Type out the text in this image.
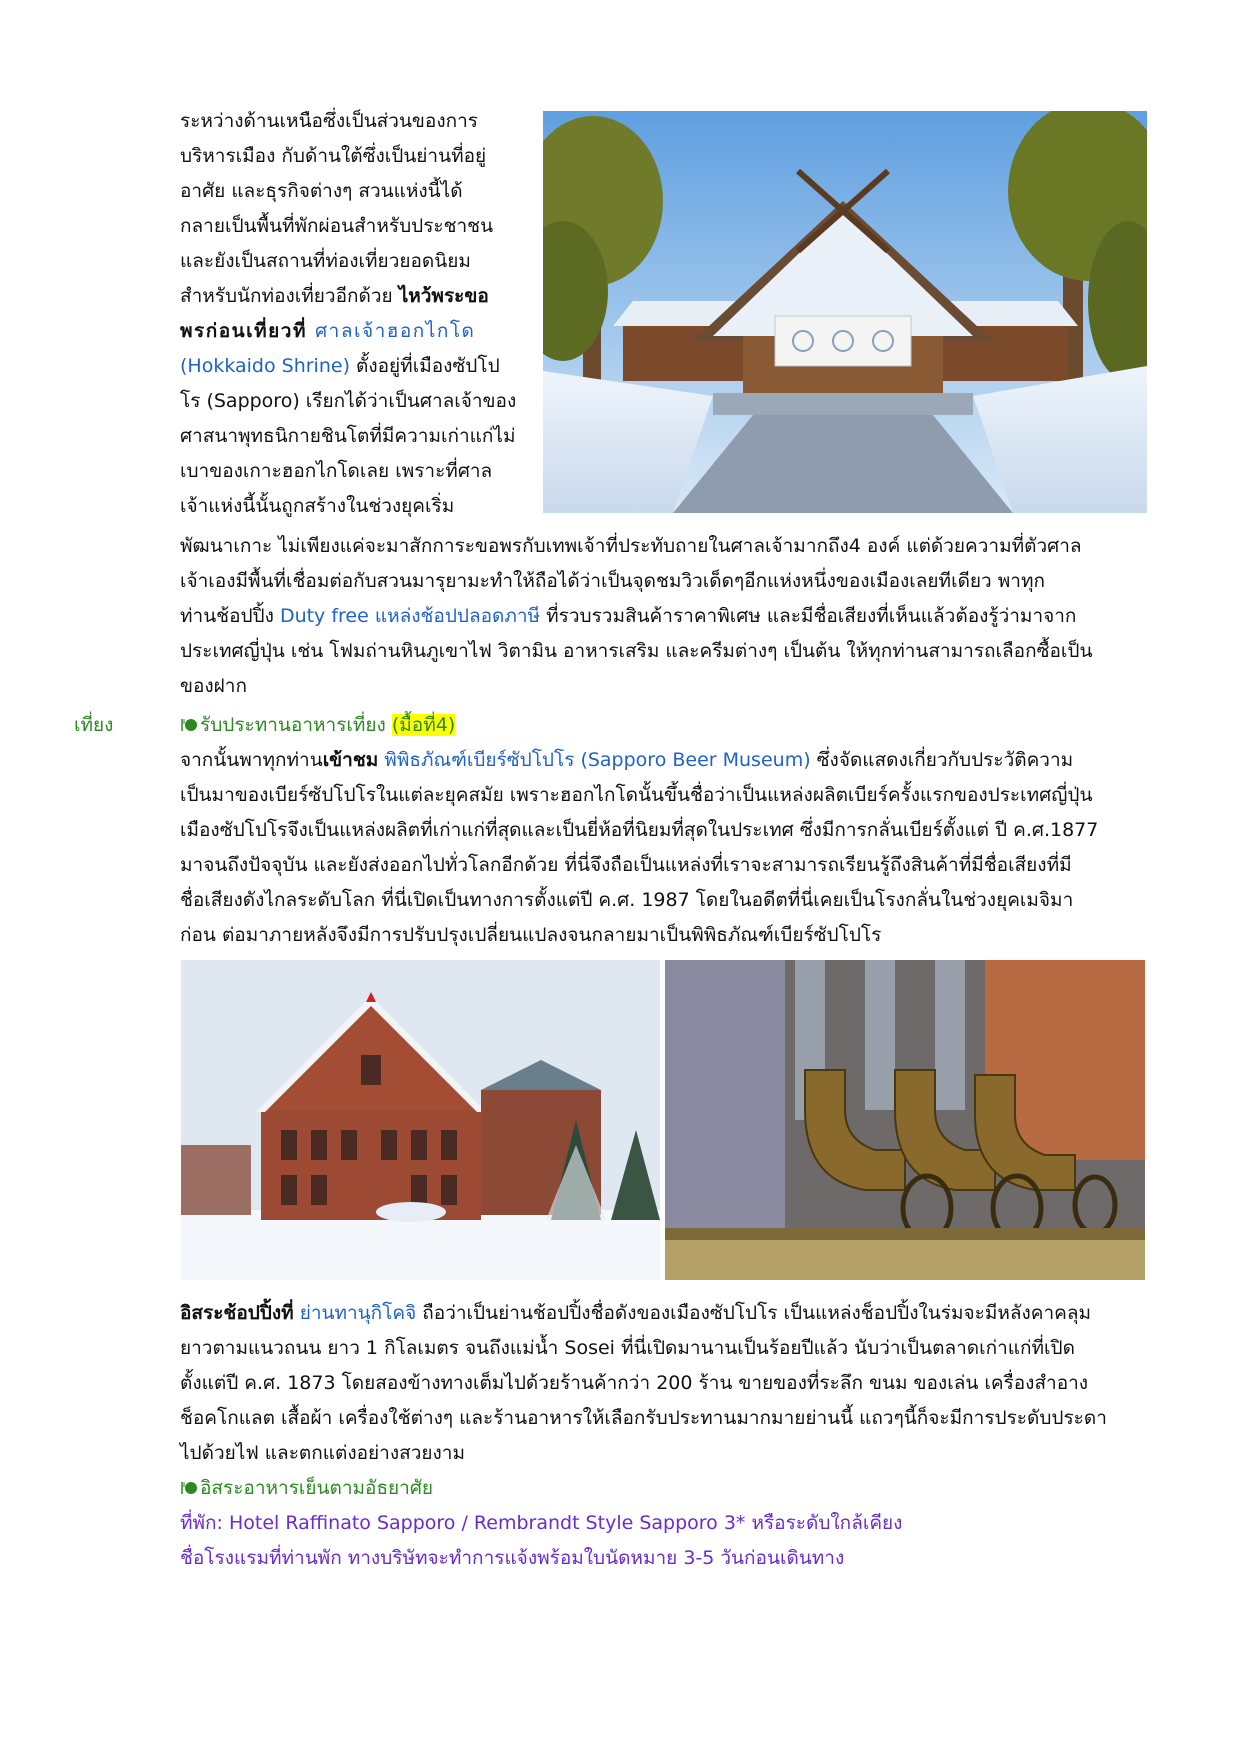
ระหว่างด้านเหนือซึ่งเป็นส่วนของการ
บริหารเมือง กับด้านใต้ซึ่งเป็นย่านที่อยู่
อาศัย และธุรกิจต่างๆ สวนแห่งนี้ได้
กลายเป็นพื้นที่พักผ่อนสำหรับประชาชน
และยังเป็นสถานที่ท่องเที่ยวยอดนิยม
สำหรับนักท่องเที่ยวอีกด้วย ไหว้พระขอ
พรก่อนเที่ยวที่ ศาลเจ้าฮอกไกโด
(Hokkaido Shrine) ตั้งอยู่ที่เมืองซัปโป
โร (Sapporo) เรียกได้ว่าเป็นศาลเจ้าของ
ศาสนาพุทธนิกายชินโตที่มีความเก่าแก่ไม่
เบาของเกาะฮอกไกโดเลย เพราะที่ศาล
เจ้าแห่งนี้นั้นถูกสร้างในช่วงยุคเริ่ม
พัฒนาเกาะ ไม่เพียงแค่จะมาสักการะขอพรกับเทพเจ้าที่ประทับถายในศาลเจ้ามากถึง4 องค์ แต่ด้วยความที่ตัวศาล
เจ้าเองมีพื้นที่เชื่อมต่อกับสวนมารุยามะทำให้ถือได้ว่าเป็นจุดชมวิวเด็ดๆอีกแห่งหนึ่งของเมืองเลยทีเดียว พาทุก
ท่านช้อปปิ้ง Duty free แหล่งช้อปปลอดภาษี ที่รวบรวมสินค้าราคาพิเศษ และมีชื่อเสียงที่เห็นแล้วต้องรู้ว่ามาจาก
ประเทศญี่ปุ่น เช่น โฟมถ่านหินภูเขาไฟ วิตามิน อาหารเสริม และครีมต่างๆ เป็นต้น ให้ทุกท่านสามารถเลือกซื้อเป็น
ของฝาก
เที่ยง	รับประทานอาหารเที่ยง (มื้อที่4)
จากนั้นพาทุกท่านเข้าชม พิพิธภัณฑ์เบียร์ซัปโปโร (Sapporo Beer Museum) ซึ่งจัดแสดงเกี่ยวกับประวัติความ
เป็นมาของเบียร์ซัปโปโรในแต่ละยุคสมัย เพราะฮอกไกโดนั้นขึ้นชื่อว่าเป็นแหล่งผลิตเบียร์ครั้งแรกของประเทศญี่ปุ่น
เมืองซัปโปโรจึงเป็นแหล่งผลิตที่เก่าแก่ที่สุดและเป็นยี่ห้อที่นิยมที่สุดในประเทศ ซึ่งมีการกลั่นเบียร์ตั้งแต่ ปี ค.ศ.1877
มาจนถึงปัจจุบัน และยังส่งออกไปทั่วโลกอีกด้วย ที่นี่จึงถือเป็นแหล่งที่เราจะสามารถเรียนรู้ถึงสินค้าที่มีชื่อเสียงที่มี
ชื่อเสียงดังไกลระดับโลก ที่นี่เปิดเป็นทางการตั้งแต่ปี ค.ศ. 1987 โดยในอดีตที่นี่เคยเป็นโรงกลั่นในช่วงยุคเมจิมา
ก่อน ต่อมาภายหลังจึงมีการปรับปรุงเปลี่ยนแปลงจนกลายมาเป็นพิพิธภัณฑ์เบียร์ซัปโปโร
อิสระช้อปปิ้งที่ ย่านทานุกิโคจิ ถือว่าเป็นย่านช้อปปิ้งชื่อดังของเมืองซัปโปโร เป็นแหล่งช็อปปิ้งในร่มจะมีหลังคาคลุม
ยาวตามแนวถนน ยาว 1 กิโลเมตร จนถึงแม่น้ำ Sosei ที่นี่เปิดมานานเป็นร้อยปีแล้ว นับว่าเป็นตลาดเก่าแก่ที่เปิด
ตั้งแต่ปี ค.ศ. 1873 โดยสองข้างทางเต็มไปด้วยร้านค้ากว่า 200 ร้าน ขายของที่ระลึก ขนม ของเล่น เครื่องสำอาง
ช็อคโกแลต เสื้อผ้า เครื่องใช้ต่างๆ และร้านอาหารให้เลือกรับประทานมากมายย่านนี้ แถวๆนี้ก็จะมีการประดับประดา
ไปด้วยไฟ และตกแต่งอย่างสวยงาม
อิสระอาหารเย็นตามอัธยาศัย
ที่พัก: Hotel Raffinato Sapporo / Rembrandt Style Sapporo 3* หรือระดับใกล้เคียง
ชื่อโรงแรมที่ท่านพัก ทางบริษัทจะทำการแจ้งพร้อมใบนัดหมาย 3-5 วันก่อนเดินทาง
